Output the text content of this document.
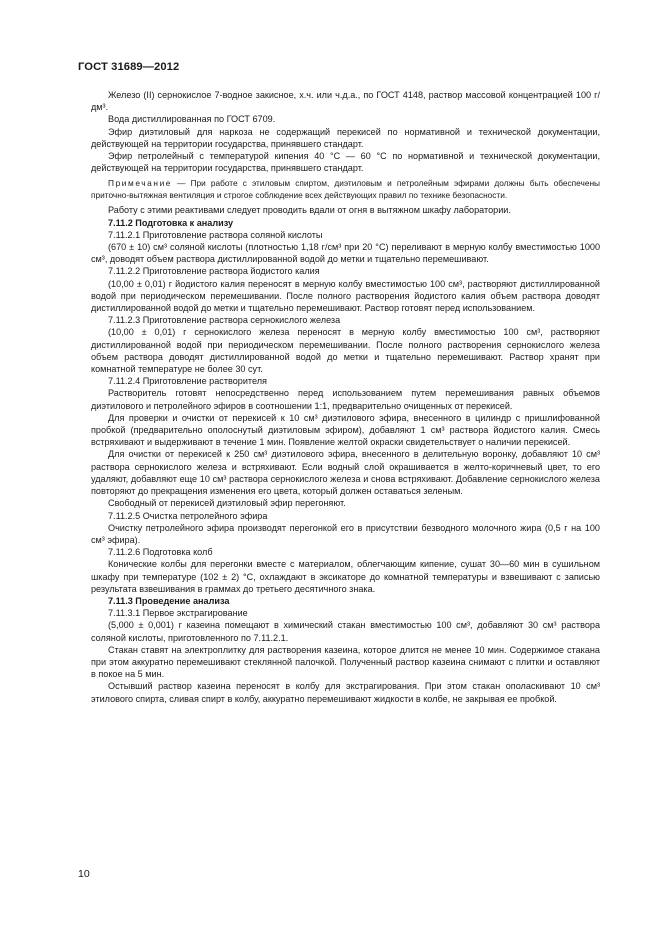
ГОСТ 31689—2012

Железо (II) сернокислое 7-водное закисное, х.ч. или ч.д.а., по ГОСТ 4148, раствор массовой концентрацией 100 г/дм³.

Вода дистиллированная по ГОСТ 6709.

Эфир диэтиловый для наркоза не содержащий перекисей по нормативной и технической документации, действующей на территории государства, принявшего стандарт.

Эфир петролейный с температурой кипения 40 °С — 60 °С по нормативной и технической документации, действующей на территории государства, принявшего стандарт.

Примечание — При работе с этиловым спиртом, диэтиловым и петролейным эфирами должны быть обеспечены приточно-вытяжная вентиляция и строгое соблюдение всех действующих правил по технике безопасности.

Работу с этими реактивами следует проводить вдали от огня в вытяжном шкафу лаборатории.

7.11.2 Подготовка к анализу

7.11.2.1 Приготовление раствора соляной кислоты

(670 ± 10) см³ соляной кислоты (плотностью 1,18 г/см³ при 20 °С) переливают в мерную колбу вместимостью 1000 см³, доводят объем раствора дистиллированной водой до метки и тщательно перемешивают.

7.11.2.2 Приготовление раствора йодистого калия

(10,00 ± 0,01) г йодистого калия переносят в мерную колбу вместимостью 100 см³, растворяют дистиллированной водой при периодическом перемешивании. После полного растворения йодистого калия объем раствора доводят дистиллированной водой до метки и тщательно перемешивают. Раствор готовят перед использованием.

7.11.2.3 Приготовление раствора сернокислого железа

(10,00 ± 0,01) г сернокислого железа переносят в мерную колбу вместимостью 100 см³, растворяют дистиллированной водой при периодическом перемешивании. После полного растворения сернокислого железа объем раствора доводят дистиллированной водой до метки и тщательно перемешивают. Раствор хранят при комнатной температуре не более 30 сут.

7.11.2.4 Приготовление растворителя

Растворитель готовят непосредственно перед использованием путем перемешивания равных объемов диэтилового и петролейного эфиров в соотношении 1:1, предварительно очищенных от перекисей.

Для проверки и очистки от перекисей к 10 см³ диэтилового эфира, внесенного в цилиндр с пришлифованной пробкой (предварительно ополоснутый диэтиловым эфиром), добавляют 1 см³ раствора йодистого калия. Смесь встряхивают и выдерживают в течение 1 мин. Появление желтой окраски свидетельствует о наличии перекисей.

Для очистки от перекисей к 250 см³ диэтилового эфира, внесенного в делительную воронку, добавляют 10 см³ раствора сернокислого железа и встряхивают. Если водный слой окрашивается в желто-коричневый цвет, то его удаляют, добавляют еще 10 см³ раствора сернокислого железа и снова встряхивают. Добавление сернокислого железа повторяют до прекращения изменения его цвета, который должен оставаться зеленым.

Свободный от перекисей диэтиловый эфир перегоняют.

7.11.2.5 Очистка петролейного эфира

Очистку петролейного эфира производят перегонкой его в присутствии безводного молочного жира (0,5 г на 100 см³ эфира).

7.11.2.6 Подготовка колб

Конические колбы для перегонки вместе с материалом, облегчающим кипение, сушат 30—60 мин в сушильном шкафу при температуре (102 ± 2) °С, охлаждают в эксикаторе до комнатной температуры и взвешивают с записью результата взвешивания в граммах до третьего десятичного знака.

7.11.3 Проведение анализа

7.11.3.1 Первое экстрагирование

(5,000 ± 0,001) г казеина помещают в химический стакан вместимостью 100 см³, добавляют 30 см³ раствора соляной кислоты, приготовленного по 7.11.2.1.

Стакан ставят на электроплитку для растворения казеина, которое длится не менее 10 мин. Содержимое стакана при этом аккуратно перемешивают стеклянной палочкой. Полученный раствор казеина снимают с плитки и оставляют в покое на 5 мин.

Остывший раствор казеина переносят в колбу для экстрагирования. При этом стакан ополаскивают 10 см³ этилового спирта, сливая спирт в колбу, аккуратно перемешивают жидкости в колбе, не закрывая ее пробкой.

10
